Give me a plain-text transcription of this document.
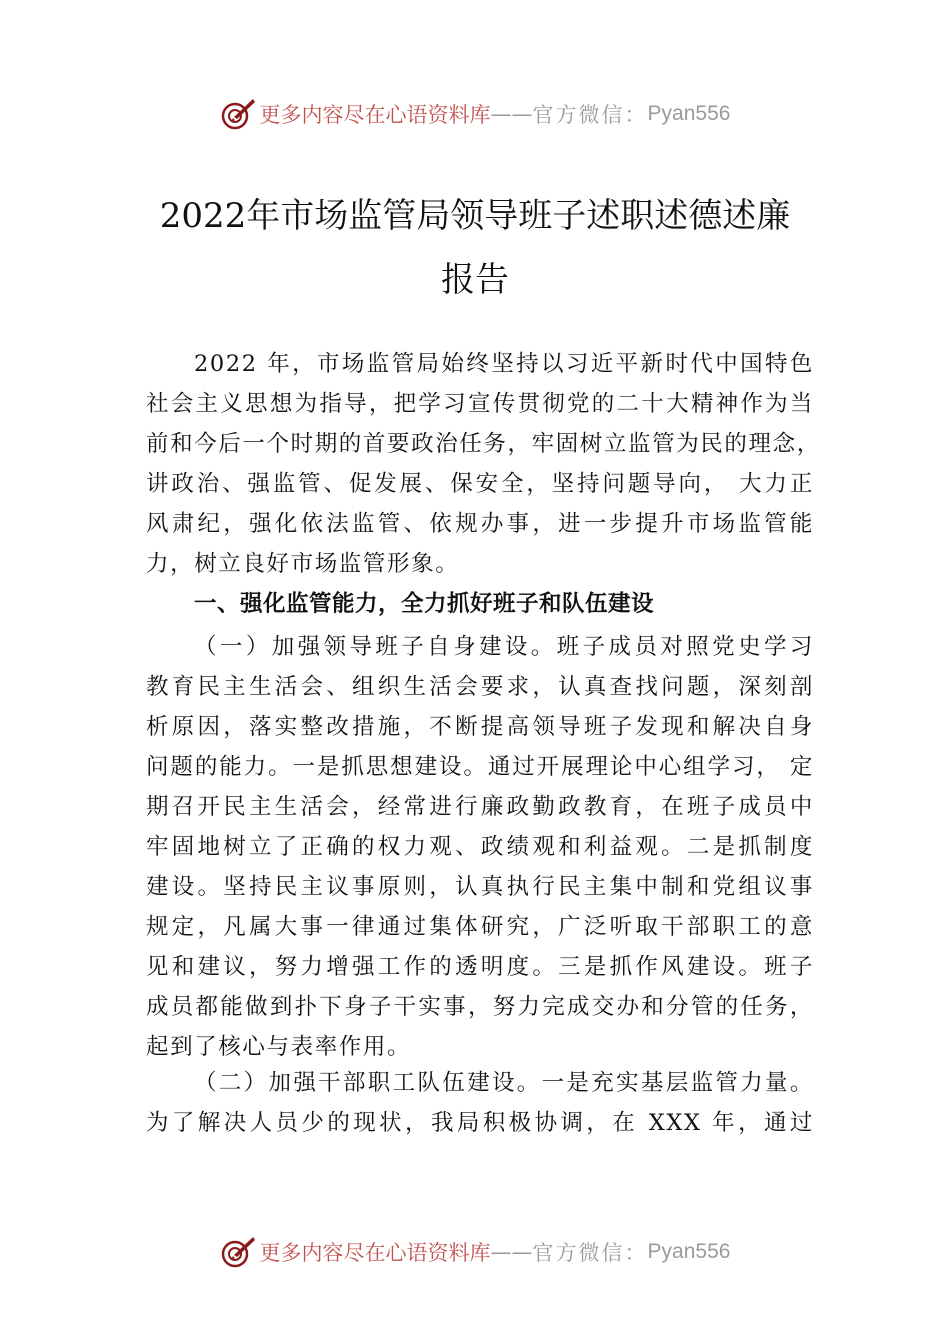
更多内容尽在心语资料库 —— 官方微信： Pyan556
2022年市场监管局领导班子述职述德述廉
报告
2022 年，市场监管局始终坚持以习近平新时代中国特色
社会主义思想为指导，把学习宣传贯彻党的二十大精神作为当
前和今后一个时期的首要政治任务，牢固树立监管为民的理念，
讲政治、强监管、促发展、保安全，坚持问题导向， 大力正
风肃纪，强化依法监管、依规办事，进一步提升市场监管能
力，树立良好市场监管形象。
一、强化监管能力，全力抓好班子和队伍建设
（一）加强领导班子自身建设。班子成员对照党史学习
教育民主生活会、组织生活会要求，认真查找问题，深刻剖
析原因，落实整改措施，不断提高领导班子发现和解决自身
问题的能力。一是抓思想建设。通过开展理论中心组学习， 定
期召开民主生活会，经常进行廉政勤政教育，在班子成员中
牢固地树立了正确的权力观、政绩观和利益观。二是抓制度
建设。坚持民主议事原则，认真执行民主集中制和党组议事
规定，凡属大事一律通过集体研究，广泛听取干部职工的意
见和建议，努力增强工作的透明度。三是抓作风建设。班子
成员都能做到扑下身子干实事，努力完成交办和分管的任务，
起到了核心与表率作用。
（二）加强干部职工队伍建设。一是充实基层监管力量。
为了解决人员少的现状，我局积极协调，在 XXX 年，通过
更多内容尽在心语资料库 —— 官方微信： Pyan556
